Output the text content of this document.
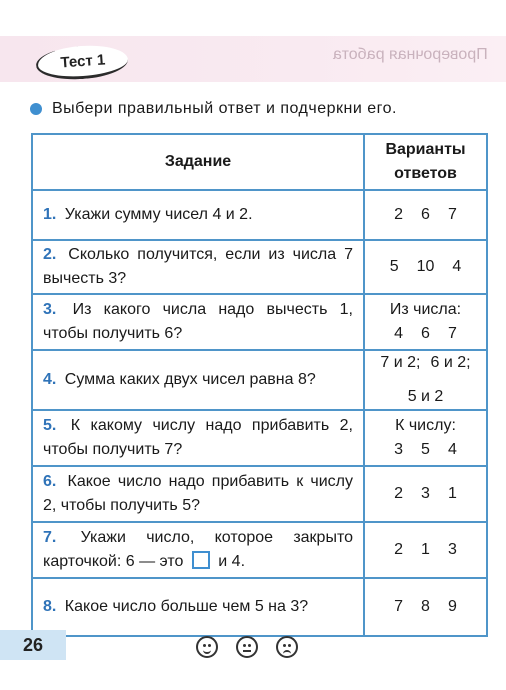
Проверочная работа
Тест 1
Выбери правильный ответ и подчеркни его.
Задание	Варианты ответов
1. Укажи сумму чисел 4 и 2.	2 6 7

2. Сколько получится, если из числа 7 вычесть 3?	5 10 4

3. Из какого числа надо вычесть 1, чтобы получить 6?	Из числа:
4 6 7

4. Сумма каких двух чисел равна 8?	7 и 2; 6 и 2;
5 и 2

5. К какому числу надо прибавить 2, чтобы получить 7?	К числу:
3 5 4

6. Какое число надо прибавить к числу 2, чтобы получить 5?	2 3 1

7. Укажи число, которое закрыто карточкой: 6 — это и 4.	2 1 3

8. Какое число больше чем 5 на 3?	7 8 9
26
